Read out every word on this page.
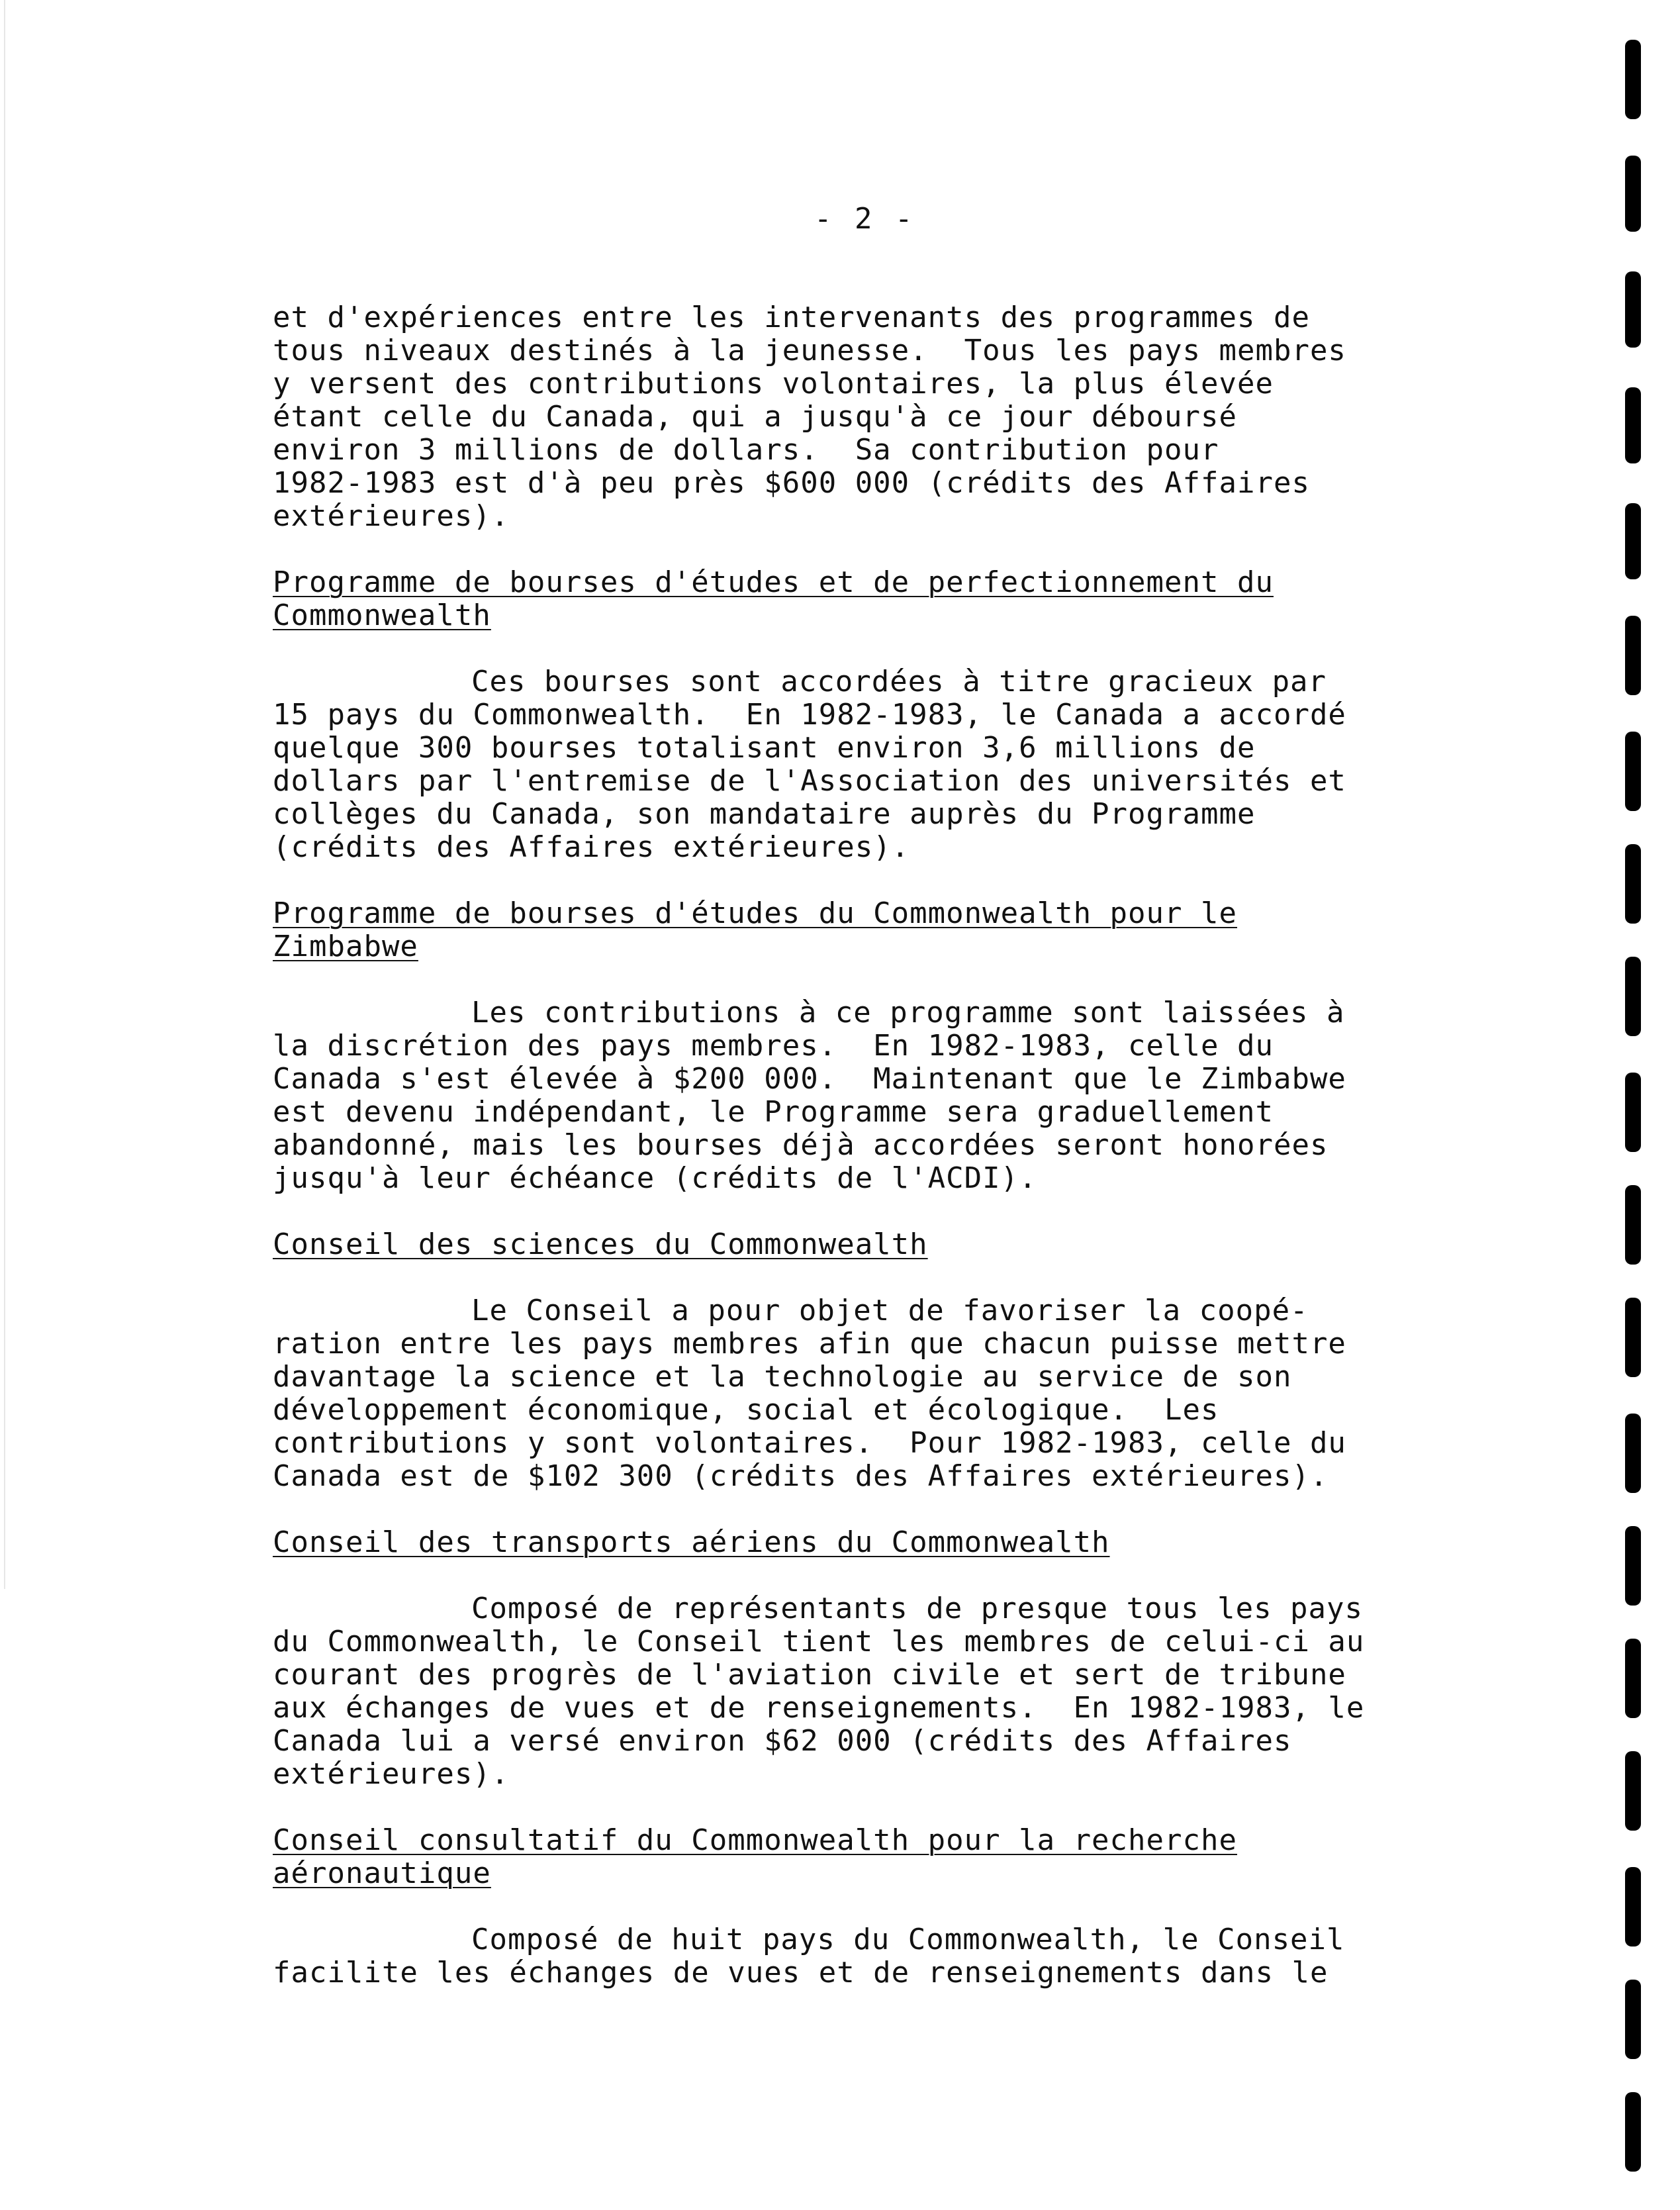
- 2 -
et d'expériences entre les intervenants des programmes de
tous niveaux destinés à la jeunesse.  Tous les pays membres
y versent des contributions volontaires, la plus élevée
étant celle du Canada, qui a jusqu'à ce jour déboursé
environ 3 millions de dollars.  Sa contribution pour
1982-1983 est d'à peu près $600 000 (crédits des Affaires
extérieures).
Programme de bourses d'études et de perfectionnement du
Commonwealth
Ces bourses sont accordées à titre gracieux par
15 pays du Commonwealth.  En 1982-1983, le Canada a accordé
quelque 300 bourses totalisant environ 3,6 millions de
dollars par l'entremise de l'Association des universités et
collèges du Canada, son mandataire auprès du Programme
(crédits des Affaires extérieures).
Programme de bourses d'études du Commonwealth pour le
Zimbabwe
Les contributions à ce programme sont laissées à
la discrétion des pays membres.  En 1982-1983, celle du
Canada s'est élevée à $200 000.  Maintenant que le Zimbabwe
est devenu indépendant, le Programme sera graduellement
abandonné, mais les bourses déjà accordées seront honorées
jusqu'à leur échéance (crédits de l'ACDI).
Conseil des sciences du Commonwealth
Le Conseil a pour objet de favoriser la coopé-
ration entre les pays membres afin que chacun puisse mettre
davantage la science et la technologie au service de son
développement économique, social et écologique.  Les
contributions y sont volontaires.  Pour 1982-1983, celle du
Canada est de $102 300 (crédits des Affaires extérieures).
Conseil des transports aériens du Commonwealth
Composé de représentants de presque tous les pays
du Commonwealth, le Conseil tient les membres de celui-ci au
courant des progrès de l'aviation civile et sert de tribune
aux échanges de vues et de renseignements.  En 1982-1983, le
Canada lui a versé environ $62 000 (crédits des Affaires
extérieures).
Conseil consultatif du Commonwealth pour la recherche
aéronautique
Composé de huit pays du Commonwealth, le Conseil
facilite les échanges de vues et de renseignements dans le
